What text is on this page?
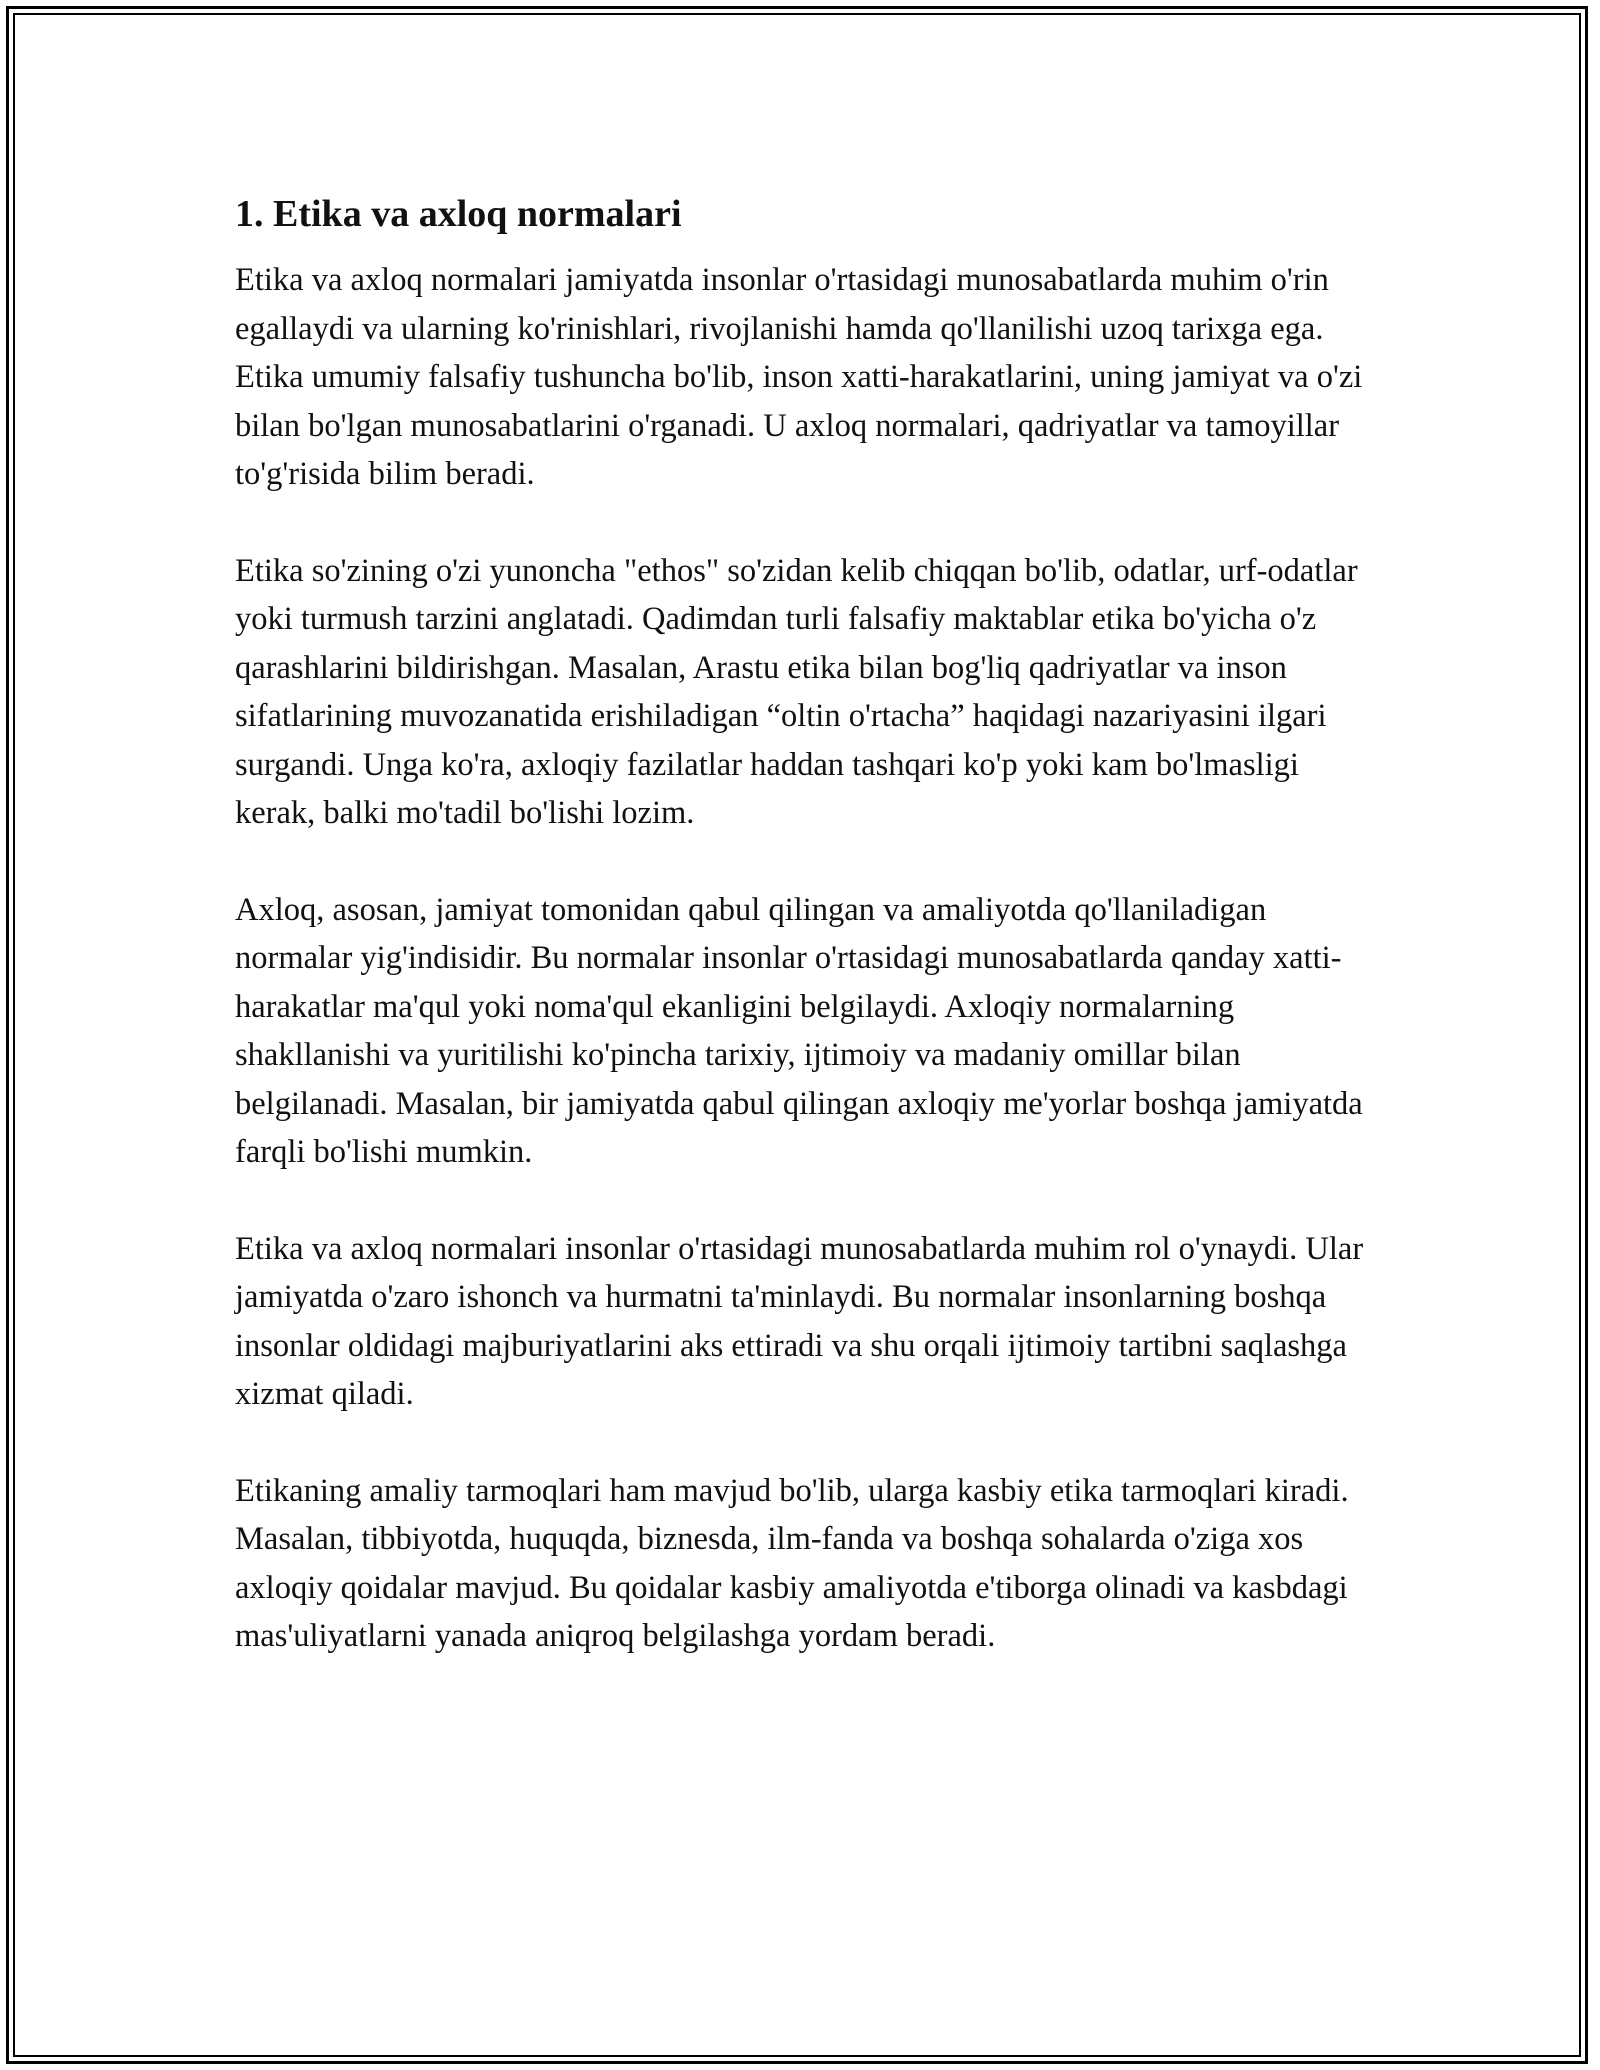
1. Etika va axloq normalari

Etika va axloq normalari jamiyatda insonlar o'rtasidagi munosabatlarda muhim o'rin egallaydi va ularning ko'rinishlari, rivojlanishi hamda qo'llanilishi uzoq tarixga ega. Etika umumiy falsafiy tushuncha bo'lib, inson xatti-harakatlarini, uning jamiyat va o'zi bilan bo'lgan munosabatlarini o'rganadi. U axloq normalari, qadriyatlar va tamoyillar to'g'risida bilim beradi.

Etika so'zining o'zi yunoncha "ethos" so'zidan kelib chiqqan bo'lib, odatlar, urf-odatlar yoki turmush tarzini anglatadi. Qadimdan turli falsafiy maktablar etika bo'yicha o'z qarashlarini bildirishgan. Masalan, Arastu etika bilan bog'liq qadriyatlar va inson sifatlarining muvozanatida erishiladigan “oltin o'rtacha” haqidagi nazariyasini ilgari surgandi. Unga ko'ra, axloqiy fazilatlar haddan tashqari ko'p yoki kam bo'lmasligi kerak, balki mo'tadil bo'lishi lozim.

Axloq, asosan, jamiyat tomonidan qabul qilingan va amaliyotda qo'llaniladigan normalar yig'indisidir. Bu normalar insonlar o'rtasidagi munosabatlarda qanday xatti-harakatlar ma'qul yoki noma'qul ekanligini belgilaydi. Axloqiy normalarning shakllanishi va yuritilishi ko'pincha tarixiy, ijtimoiy va madaniy omillar bilan belgilanadi. Masalan, bir jamiyatda qabul qilingan axloqiy me'yorlar boshqa jamiyatda farqli bo'lishi mumkin.

Etika va axloq normalari insonlar o'rtasidagi munosabatlarda muhim rol o'ynaydi. Ular jamiyatda o'zaro ishonch va hurmatni ta'minlaydi. Bu normalar insonlarning boshqa insonlar oldidagi majburiyatlarini aks ettiradi va shu orqali ijtimoiy tartibni saqlashga xizmat qiladi.

Etikaning amaliy tarmoqlari ham mavjud bo'lib, ularga kasbiy etika tarmoqlari kiradi. Masalan, tibbiyotda, huquqda, biznesda, ilm-fanda va boshqa sohalarda o'ziga xos axloqiy qoidalar mavjud. Bu qoidalar kasbiy amaliyotda e'tiborga olinadi va kasbdagi mas'uliyatlarni yanada aniqroq belgilashga yordam beradi.
